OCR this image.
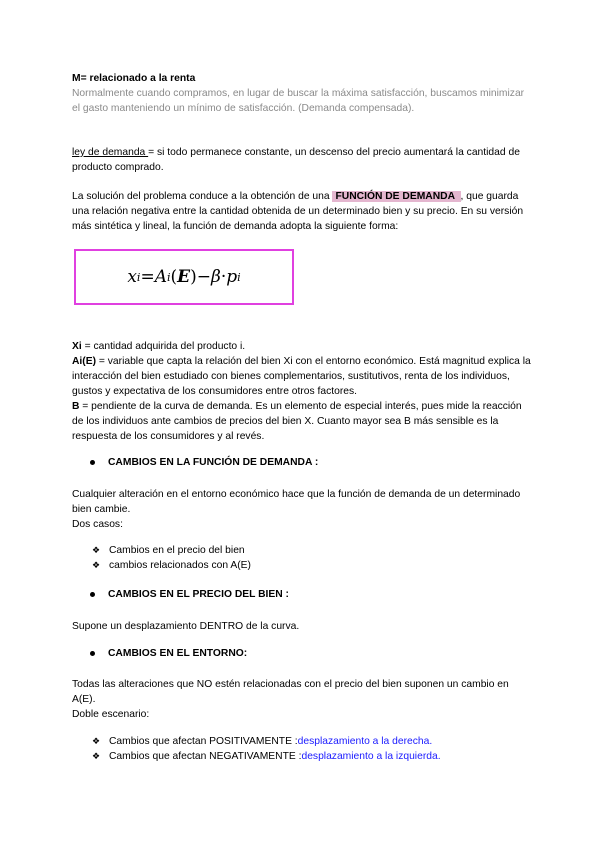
M= relacionado a la renta

Normalmente cuando compramos, en lugar de buscar la máxima satisfacción, buscamos minimizar el gasto manteniendo un mínimo de satisfacción. (Demanda compensada).

ley de demanda = si todo permanece constante, un descenso del precio aumentará la cantidad de producto comprado.
La solución del problema conduce a la obtención de una FUNCIÓN DE DEMANDA , que guarda una relación negativa entre la cantidad obtenida de un determinado bien y su precio. En su versión más sintética y lineal, la función de demanda adopta la siguiente forma:
x i = A i ( E ) − β · p i

Xi = cantidad adquirida del producto i.

Ai(E) = variable que capta la relación del bien Xi con el entorno económico. Está magnitud explica la interacción del bien estudiado con bienes complementarios, sustitutivos, renta de los individuos, gustos y expectativa de los consumidores entre otros factores.

B = pendiente de la curva de demanda. Es un elemento de especial interés, pues mide la reacción de los individuos ante cambios de precios del bien X. Cuanto mayor sea B más sensible es la respuesta de los consumidores y al revés.

CAMBIOS EN LA FUNCIÓN DE DEMANDA :

Cualquier alteración en el entorno económico hace que la función de demanda de un determinado bien cambie.

Dos casos:

❖ Cambios en el precio del bien
❖ cambios relacionados con A(E)
CAMBIOS EN EL PRECIO DEL BIEN :

Supone un desplazamiento DENTRO de la curva.

CAMBIOS EN EL ENTORNO:

Todas las alteraciones que NO estén relacionadas con el precio del bien suponen un cambio en A(E).

Doble escenario:

❖ Cambios que afectan POSITIVAMENTE : desplazamiento a la derecha.
❖ Cambios que afectan NEGATIVAMENTE : desplazamiento a la izquierda.
